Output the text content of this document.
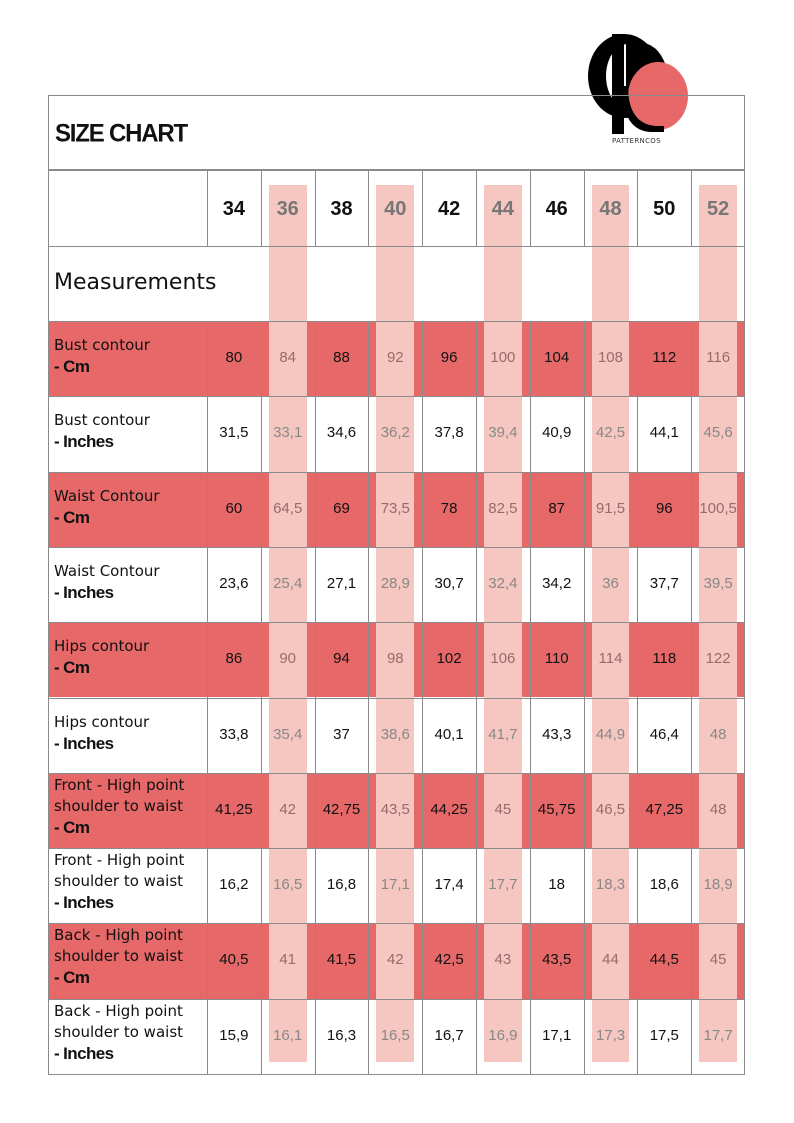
PATTERNCOS
SIZE CHART
Measurements
34	36	38	40	42	44	46	48	50	52
Bust contour
- Cm	80	84	88	92	96	100	104	108	112	116
Bust contour
- Inches	31,5	33,1	34,6	36,2	37,8	39,4	40,9	42,5	44,1	45,6
Waist Contour
- Cm	60	64,5	69	73,5	78	82,5	87	91,5	96	100,5
Waist Contour
- Inches	23,6	25,4	27,1	28,9	30,7	32,4	34,2	36	37,7	39,5
Hips contour
- Cm	86	90	94	98	102	106	110	114	118	122
Hips contour
- Inches	33,8	35,4	37	38,6	40,1	41,7	43,3	44,9	46,4	48
Front - High point shoulder to waist
- Cm
41,25	42	42,75	43,5	44,25	45	45,75	46,5	47,25	48
Front - High point shoulder to waist
- Inches
16,2	16,5	16,8	17,1	17,4	17,7	18	18,3	18,6	18,9
Back - High point shoulder to waist
- Cm
40,5	41	41,5	42	42,5	43	43,5	44	44,5	45
Back - High point shoulder to waist
- Inches
15,9	16,1	16,3	16,5	16,7	16,9	17,1	17,3	17,5	17,7
